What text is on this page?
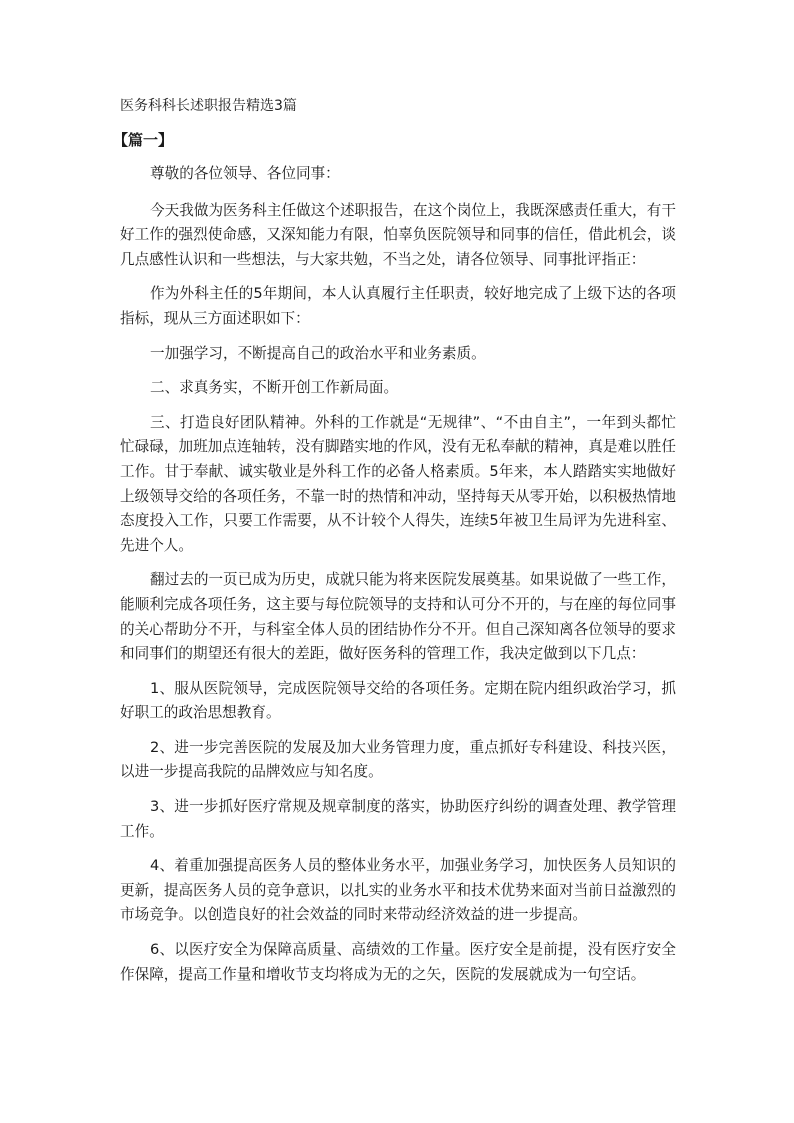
医务科科长述职报告精选3篇
【篇一】

尊敬的各位领导、各位同事：

今天我做为医务科主任做这个述职报告，在这个岗位上，我既深感责任重大，有干好工作的强烈使命感，又深知能力有限，怕辜负医院领导和同事的信任，借此机会，谈几点感性认识和一些想法，与大家共勉，不当之处，请各位领导、同事批评指正：

作为外科主任的5年期间，本人认真履行主任职责，较好地完成了上级下达的各项指标，现从三方面述职如下：

一加强学习，不断提高自己的政治水平和业务素质。

二、求真务实，不断开创工作新局面。

三、打造良好团队精神。外科的工作就是“无规律”、“不由自主”，一年到头都忙忙碌碌，加班加点连轴转，没有脚踏实地的作风，没有无私奉献的精神，真是难以胜任工作。甘于奉献、诚实敬业是外科工作的必备人格素质。5年来，本人踏踏实实地做好上级领导交给的各项任务，不靠一时的热情和冲动，坚持每天从零开始，以积极热情地态度投入工作，只要工作需要，从不计较个人得失，连续5年被卫生局评为先进科室、先进个人。

翻过去的一页已成为历史，成就只能为将来医院发展奠基。如果说做了一些工作，能顺利完成各项任务，这主要与每位院领导的支持和认可分不开的，与在座的每位同事的关心帮助分不开，与科室全体人员的团结协作分不开。但自己深知离各位领导的要求和同事们的期望还有很大的差距，做好医务科的管理工作，我决定做到以下几点：

1、服从医院领导，完成医院领导交给的各项任务。定期在院内组织政治学习，抓好职工的政治思想教育。

2、进一步完善医院的发展及加大业务管理力度，重点抓好专科建设、科技兴医，以进一步提高我院的品牌效应与知名度。

3、进一步抓好医疗常规及规章制度的落实，协助医疗纠纷的调查处理、教学管理工作。

4、着重加强提高医务人员的整体业务水平，加强业务学习，加快医务人员知识的更新，提高医务人员的竞争意识，以扎实的业务水平和技术优势来面对当前日益激烈的市场竞争。以创造良好的社会效益的同时来带动经济效益的进一步提高。

6、以医疗安全为保障高质量、高绩效的工作量。医疗安全是前提，没有医疗安全作保障，提高工作量和增收节支均将成为无的之矢，医院的发展就成为一句空话。
